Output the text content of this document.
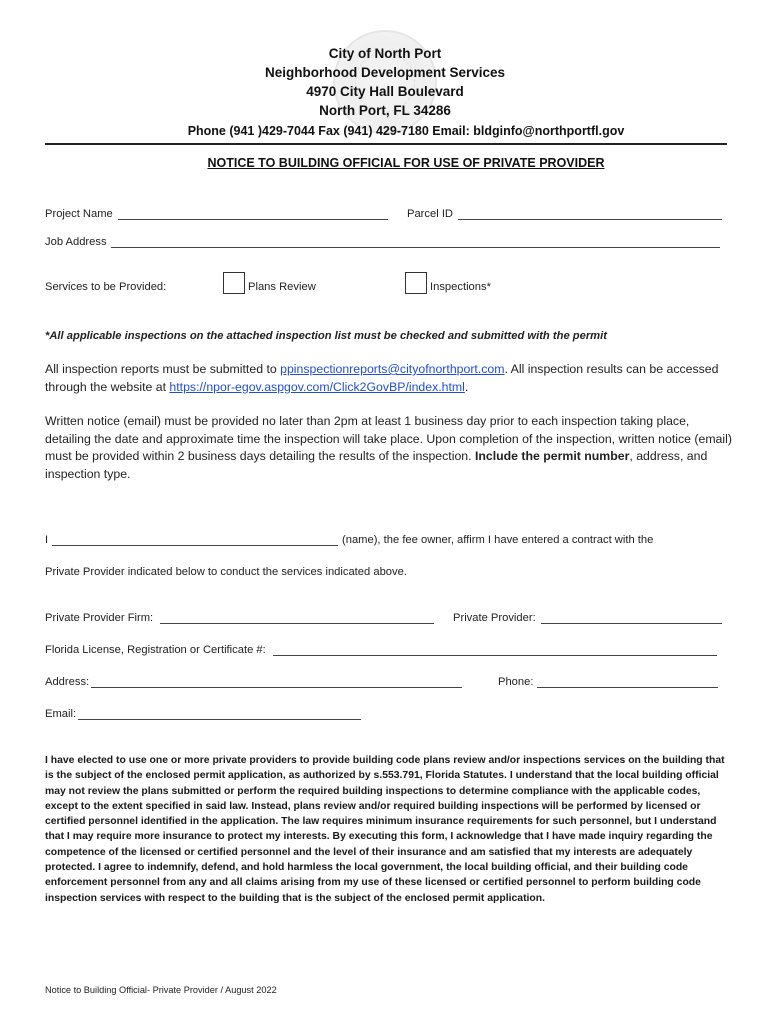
City of North Port
Neighborhood Development Services
4970 City Hall Boulevard
North Port, FL 34286
Phone (941 )429-7044 Fax (941) 429-7180 Email: bldginfo@northportfl.gov
NOTICE TO BUILDING OFFICIAL FOR USE OF PRIVATE PROVIDER
Project Name	Parcel ID
Job Address
Services to be Provided:	Plans Review	Inspections*
*All applicable inspections on the attached inspection list must be checked and submitted with the permit
All inspection reports must be submitted to ppinspectionreports@cityofnorthport.com. All inspection results can be accessed through the website at https://npor-egov.aspgov.com/Click2GovBP/index.html.
Written notice (email) must be provided no later than 2pm at least 1 business day prior to each inspection taking place, detailing the date and approximate time the inspection will take place. Upon completion of the inspection, written notice (email) must be provided within 2 business days detailing the results of the inspection. Include the permit number, address, and inspection type.
I	(name), the fee owner, affirm I have entered a contract with the
Private Provider indicated below to conduct the services indicated above.
Private Provider Firm:	Private Provider:
Florida License, Registration or Certificate #:
Address:	Phone:
Email:
I have elected to use one or more private providers to provide building code plans review and/or inspections services on the building that is the subject of the enclosed permit application, as authorized by s.553.791, Florida Statutes. I understand that the local building official may not review the plans submitted or perform the required building inspections to determine compliance with the applicable codes, except to the extent specified in said law. Instead, plans review and/or required building inspections will be performed by licensed or certified personnel identified in the application. The law requires minimum insurance requirements for such personnel, but I understand that I may require more insurance to protect my interests. By executing this form, I acknowledge that I have made inquiry regarding the competence of the licensed or certified personnel and the level of their insurance and am satisfied that my interests are adequately protected. I agree to indemnify, defend, and hold harmless the local government, the local building official, and their building code enforcement personnel from any and all claims arising from my use of these licensed or certified personnel to perform building code inspection services with respect to the building that is the subject of the enclosed permit application.
Notice to Building Official- Private Provider / August 2022
